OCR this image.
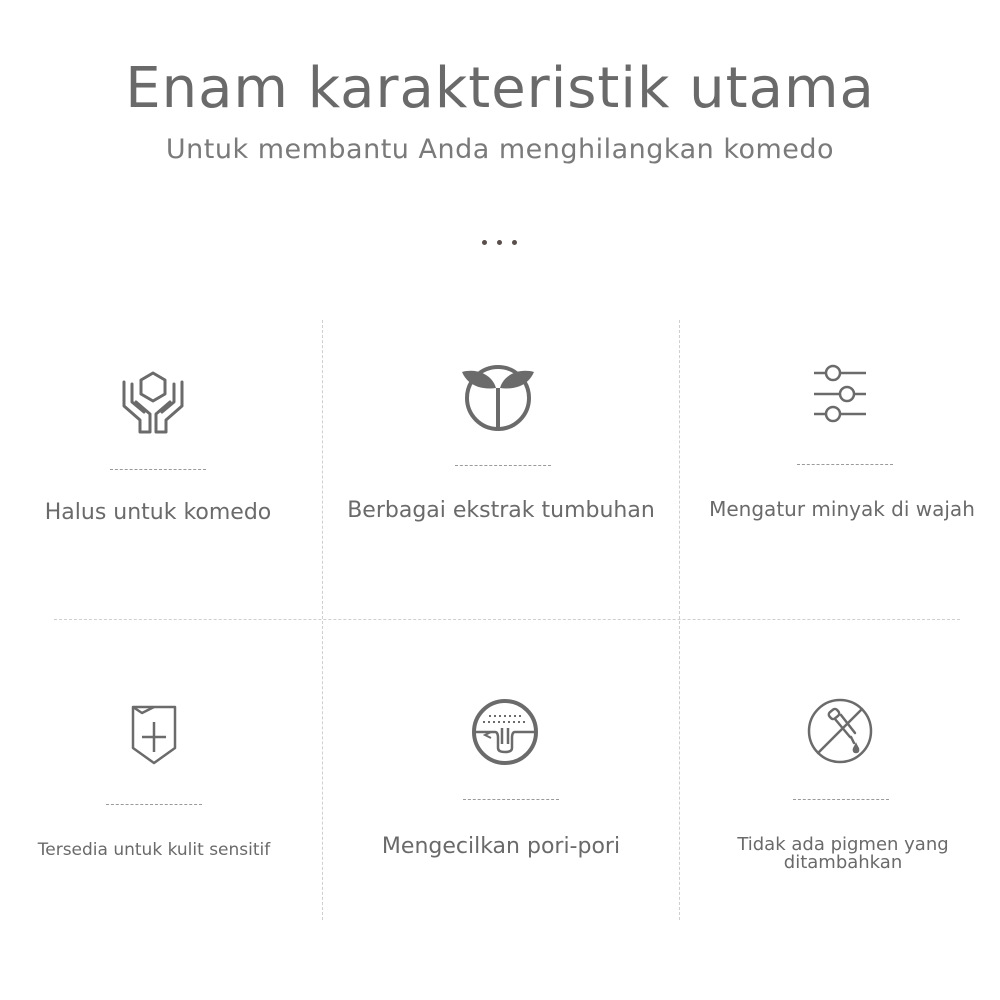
Enam karakteristik utama
Untuk membantu Anda menghilangkan komedo
Halus untuk komedo	Berbagai ekstrak tumbuhan	Mengatur minyak di wajah
Tersedia untuk kulit sensitif	Mengecilkan pori-pori	Tidak ada pigmen yang
ditambahkan
